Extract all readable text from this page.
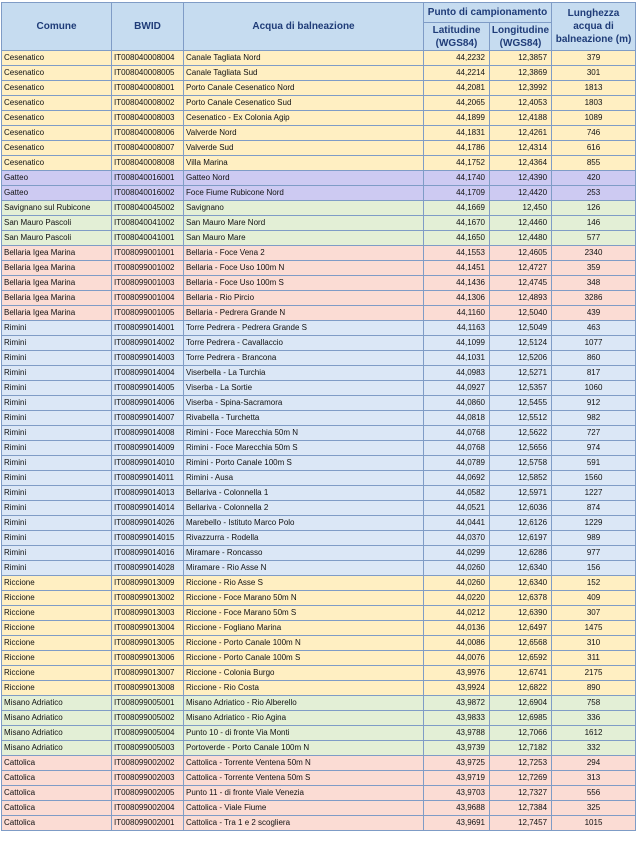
Comune	BWID	Acqua di balneazione	Punto di campionamento		Lunghezza acqua di balneazione (m)
			Latitudine (WGS84)	Longitudine (WGS84)	
Cesenatico	IT008040008004	Canale Tagliata Nord	44,2232	12,3857	379
Cesenatico	IT008040008005	Canale Tagliata Sud	44,2214	12,3869	301
Cesenatico	IT008040008001	Porto Canale Cesenatico Nord	44,2081	12,3992	1813
Cesenatico	IT008040008002	Porto Canale Cesenatico Sud	44,2065	12,4053	1803
Cesenatico	IT008040008003	Cesenatico - Ex Colonia Agip	44,1899	12,4188	1089
Cesenatico	IT008040008006	Valverde Nord	44,1831	12,4261	746
Cesenatico	IT008040008007	Valverde Sud	44,1786	12,4314	616
Cesenatico	IT008040008008	Villa Marina	44,1752	12,4364	855
Gatteo	IT008040016001	Gatteo Nord	44,1740	12,4390	420
Gatteo	IT008040016002	Foce Fiume Rubicone Nord	44,1709	12,4420	253
Savignano sul Rubicone	IT008040045002	Savignano	44,1669	12,450	126
San Mauro Pascoli	IT008040041002	San Mauro Mare Nord	44,1670	12,4460	146
San Mauro Pascoli	IT008040041001	San Mauro Mare	44,1650	12,4480	577
Bellaria Igea Marina	IT008099001001	Bellaria - Foce Vena 2	44,1553	12,4605	2340
Bellaria Igea Marina	IT008099001002	Bellaria - Foce Uso 100m N	44,1451	12,4727	359
Bellaria Igea Marina	IT008099001003	Bellaria - Foce Uso 100m S	44,1436	12,4745	348
Bellaria Igea Marina	IT008099001004	Bellaria - Rio Pircio	44,1306	12,4893	3286
Bellaria Igea Marina	IT008099001005	Bellaria - Pedrera Grande N	44,1160	12,5040	439
Rimini	IT008099014001	Torre Pedrera - Pedrera Grande S	44,1163	12,5049	463
Rimini	IT008099014002	Torre Pedrera - Cavallaccio	44,1099	12,5124	1077
Rimini	IT008099014003	Torre Pedrera - Brancona	44,1031	12,5206	860
Rimini	IT008099014004	Viserbella - La Turchia	44,0983	12,5271	817
Rimini	IT008099014005	Viserba - La Sortie	44,0927	12,5357	1060
Rimini	IT008099014006	Viserba - Spina-Sacramora	44,0860	12,5455	912
Rimini	IT008099014007	Rivabella - Turchetta	44,0818	12,5512	982
Rimini	IT008099014008	Rimini - Foce Marecchia 50m N	44,0768	12,5622	727
Rimini	IT008099014009	Rimini - Foce Marecchia 50m S	44,0768	12,5656	974
Rimini	IT008099014010	Rimini - Porto Canale 100m S	44,0789	12,5758	591
Rimini	IT008099014011	Rimini - Ausa	44,0692	12,5852	1560
Rimini	IT008099014013	Bellariva - Colonnella 1	44,0582	12,5971	1227
Rimini	IT008099014014	Bellariva - Colonnella 2	44,0521	12,6036	874
Rimini	IT008099014026	Marebello - Istituto Marco Polo	44,0441	12,6126	1229
Rimini	IT008099014015	Rivazzurra - Rodella	44,0370	12,6197	989
Rimini	IT008099014016	Miramare - Roncasso	44,0299	12,6286	977
Rimini	IT008099014028	Miramare - Rio Asse N	44,0260	12,6340	156
Riccione	IT008099013009	Riccione - Rio Asse S	44,0260	12,6340	152
Riccione	IT008099013002	Riccione - Foce Marano 50m N	44,0220	12,6378	409
Riccione	IT008099013003	Riccione - Foce Marano 50m S	44,0212	12,6390	307
Riccione	IT008099013004	Riccione - Fogliano Marina	44,0136	12,6497	1475
Riccione	IT008099013005	Riccione - Porto Canale 100m N	44,0086	12,6568	310
Riccione	IT008099013006	Riccione - Porto Canale 100m S	44,0076	12,6592	311
Riccione	IT008099013007	Riccione - Colonia Burgo	43,9976	12,6741	2175
Riccione	IT008099013008	Riccione - Rio Costa	43,9924	12,6822	890
Misano Adriatico	IT008099005001	Misano Adriatico - Rio Alberello	43,9872	12,6904	758
Misano Adriatico	IT008099005002	Misano Adriatico - Rio Agina	43,9833	12,6985	336
Misano Adriatico	IT008099005004	Punto 10 - di fronte Via Monti	43,9788	12,7066	1612
Misano Adriatico	IT008099005003	Portoverde - Porto Canale 100m N	43,9739	12,7182	332
Cattolica	IT008099002002	Cattolica - Torrente Ventena 50m N	43,9725	12,7253	294
Cattolica	IT008099002003	Cattolica - Torrente Ventena 50m S	43,9719	12,7269	313
Cattolica	IT008099002005	Punto 11 - di fronte Viale Venezia	43,9703	12,7327	556
Cattolica	IT008099002004	Cattolica - Viale Fiume	43,9688	12,7384	325
Cattolica	IT008099002001	Cattolica - Tra 1 e 2 scogliera	43,9691	12,7457	1015
